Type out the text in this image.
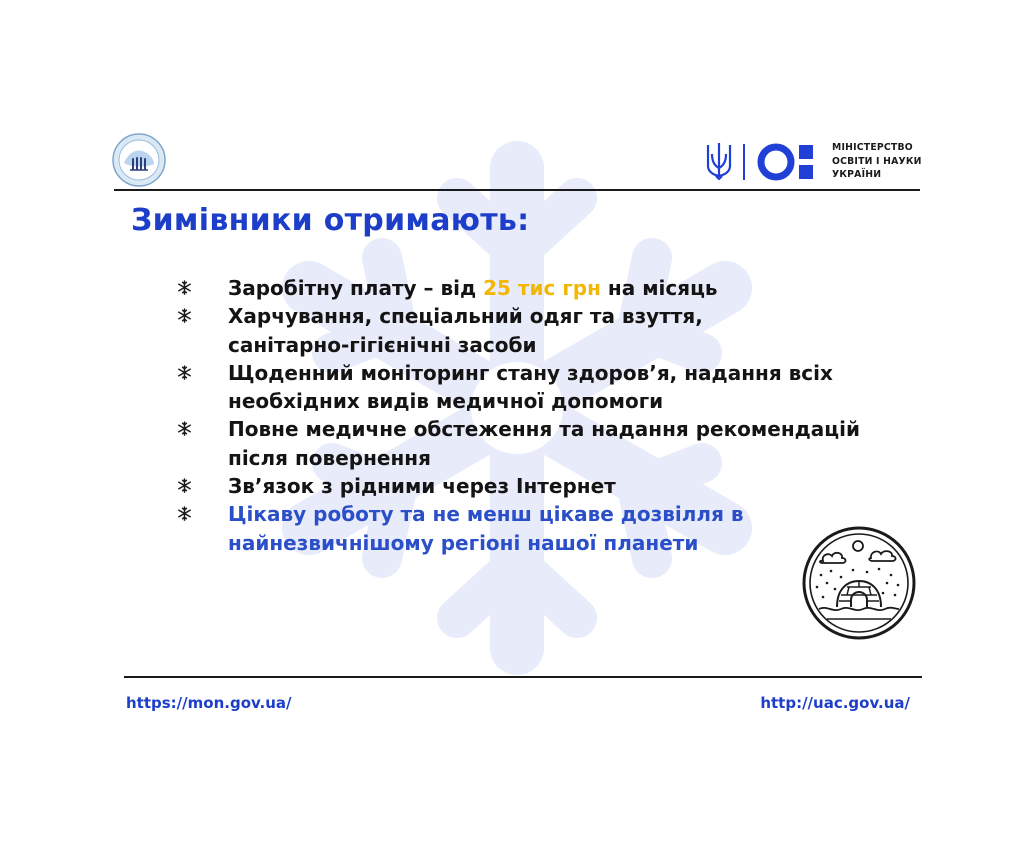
МІНІСТЕРСТВО
ОСВІТИ І НАУКИ
УКРАЇНИ
Зимівники отримають:
Заробітну плату – від 25 тис грн на місяць
Харчування, спеціальний одяг та взуття,
санітарно-гігієнічні засоби
Щоденний моніторинг стану здоров’я, надання всіх
необхідних видів медичної допомоги
Повне медичне обстеження та надання рекомендацій
після повернення
Зв’язок з рідними через Інтернет
Цікаву роботу та не менш цікаве дозвілля в
найнезвичнішому регіоні нашої планети
https://mon.gov.ua/	http://uac.gov.ua/
